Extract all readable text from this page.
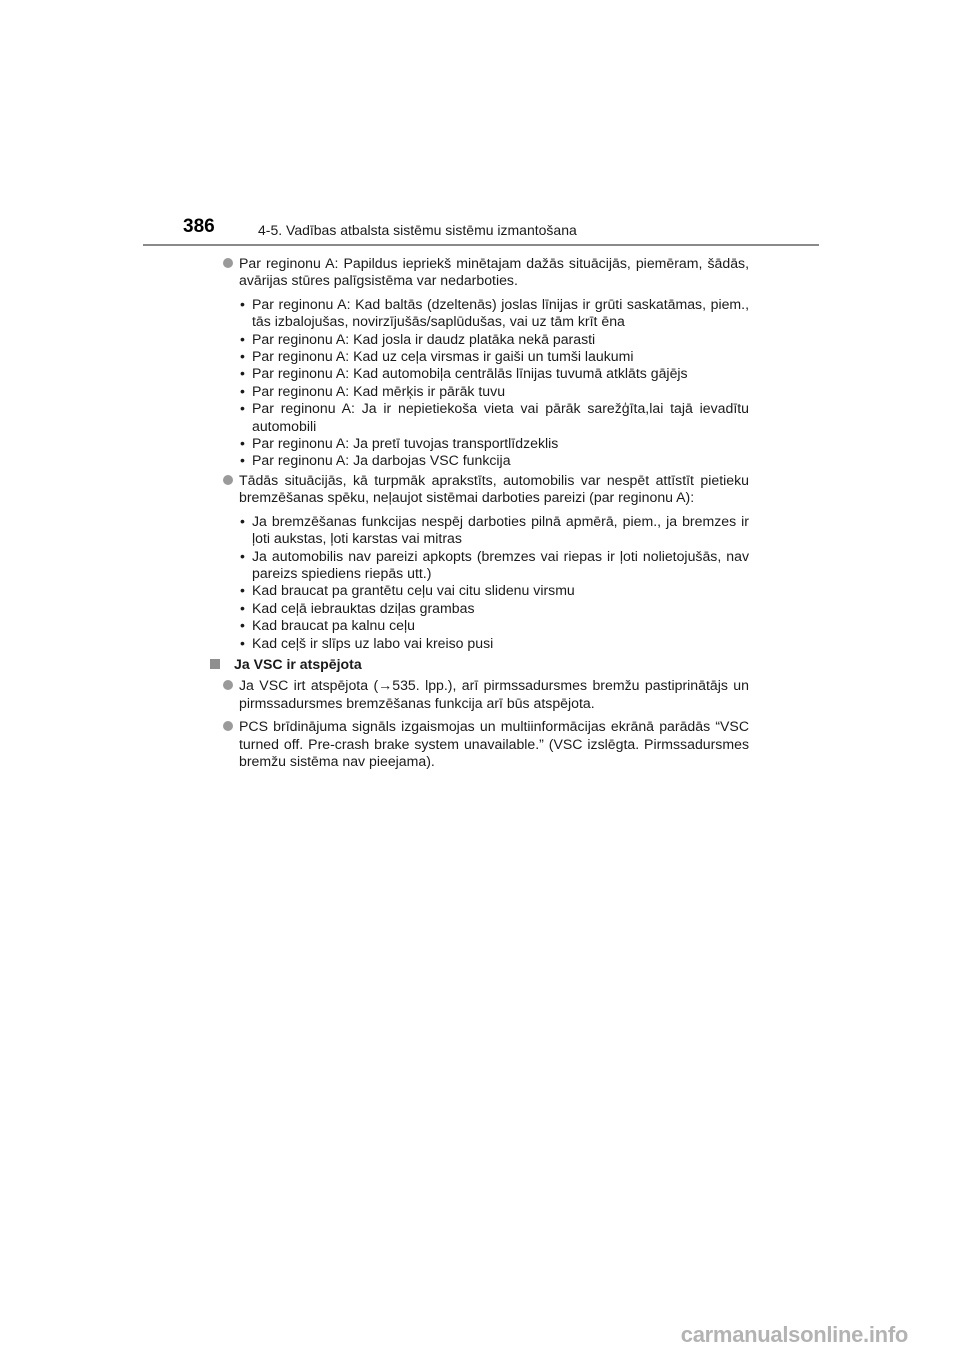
386	4-5. Vadības atbalsta sistēmu sistēmu izmantošana
Par reginonu A: Papildus iepriekš minētajam dažās situācijās, piemēram, šādās, avārijas stūres palīgsistēma var nedarboties.
• Par reginonu A: Kad baltās (dzeltenās) joslas līnijas ir grūti saskatāmas, piem., tās izbalojušas, novirzījušās/saplūdušas, vai uz tām krīt ēna
• Par reginonu A: Kad josla ir daudz platāka nekā parasti
• Par reginonu A: Kad uz ceļa virsmas ir gaiši un tumši laukumi
• Par reginonu A: Kad automobiļa centrālās līnijas tuvumā atklāts gājējs
• Par reginonu A: Kad mērķis ir pārāk tuvu
• Par reginonu A: Ja ir nepietiekoša vieta vai pārāk sarežģīta,lai tajā ievadītu automobili
• Par reginonu A: Ja pretī tuvojas transportlīdzeklis
• Par reginonu A: Ja darbojas VSC funkcija
Tādās situācijās, kā turpmāk aprakstīts, automobilis var nespēt attīstīt pietieku bremzēšanas spēku, neļaujot sistēmai darboties pareizi (par reginonu A):
• Ja bremzēšanas funkcijas nespēj darboties pilnā apmērā, piem., ja bremzes ir ļoti aukstas, ļoti karstas vai mitras
• Ja automobilis nav pareizi apkopts (bremzes vai riepas ir ļoti nolietojušās, nav pareizs spiediens riepās utt.)
• Kad braucat pa grantētu ceļu vai citu slidenu virsmu
• Kad ceļā iebrauktas dziļas grambas
• Kad braucat pa kalnu ceļu
• Kad ceļš ir slīps uz labo vai kreiso pusi
Ja VSC ir atspējota
Ja VSC irt atspējota (→535. lpp.), arī pirmssadursmes bremžu pastiprinātājs un pirmssadursmes bremzēšanas funkcija arī būs atspējota.
PCS brīdinājuma signāls izgaismojas un multiinformācijas ekrānā parādās “VSC turned off. Pre-crash brake system unavailable.” (VSC izslēgta. Pirmssadursmes bremžu sistēma nav pieejama).
carmanualsonline.info
